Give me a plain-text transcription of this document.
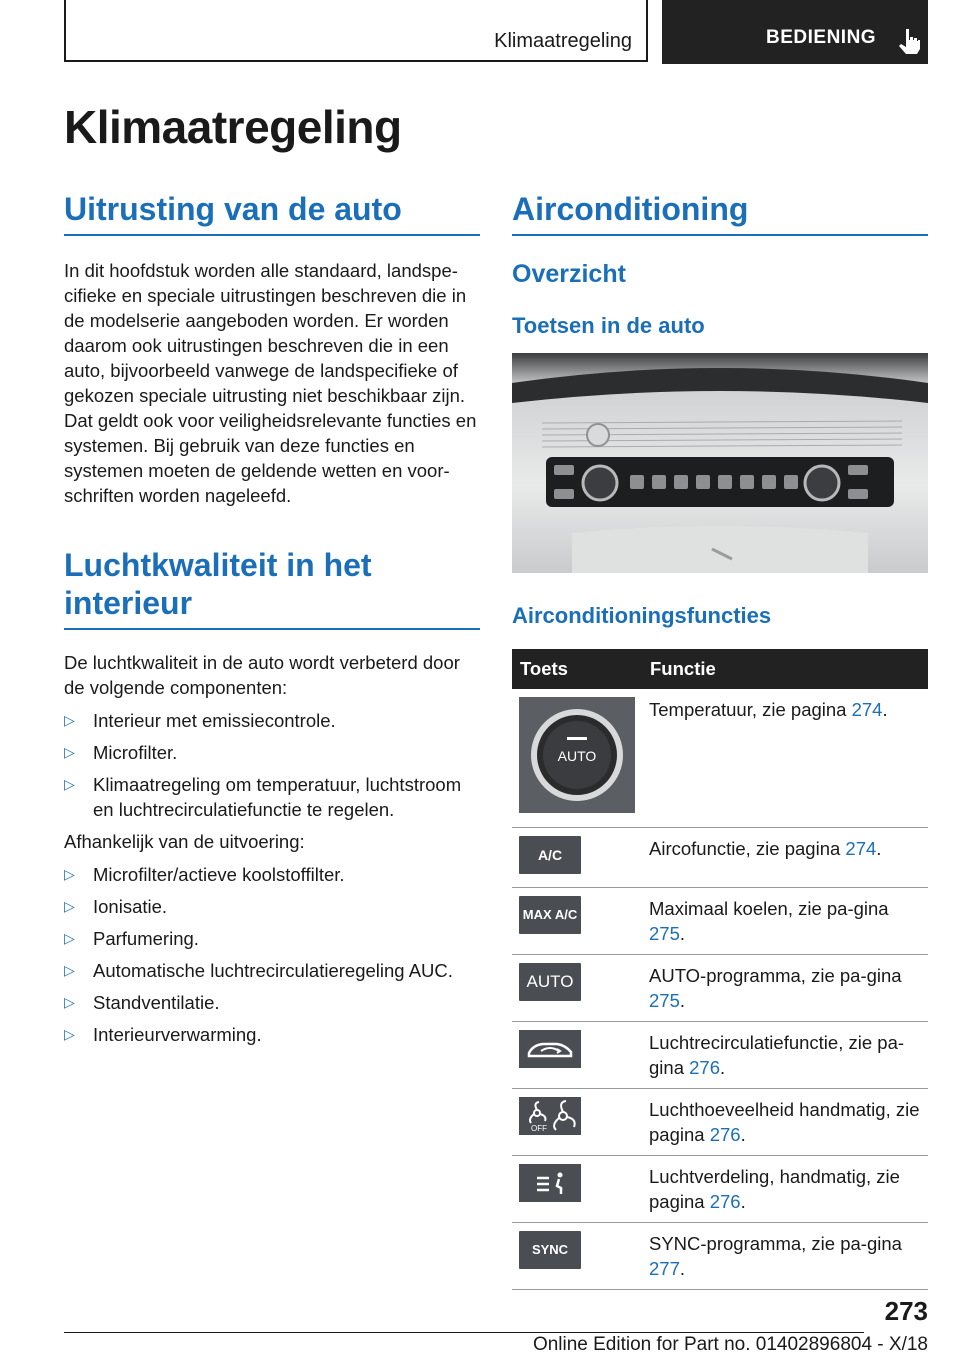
Klimaatregeling	BEDIENING
Klimaatregeling
Uitrusting van de auto

In dit hoofdstuk worden alle standaard, landspe-cifieke en speciale uitrustingen beschreven die in de modelserie aangeboden worden. Er worden daarom ook uitrustingen beschreven die in een auto, bijvoorbeeld vanwege de landspecifieke of gekozen speciale uitrusting niet beschikbaar zijn. Dat geldt ook voor veiligheidsrelevante functies en systemen. Bij gebruik van deze functies en systemen moeten de geldende wetten en voor-schriften worden nageleefd.

Luchtkwaliteit in het interieur

De luchtkwaliteit in de auto wordt verbeterd door de volgende componenten:

▷ Interieur met emissiecontrole.
▷ Microfilter.
▷ Klimaatregeling om temperatuur, luchtstroom en luchtrecirculatiefunctie te regelen.

Afhankelijk van de uitvoering:

▷ Microfilter/actieve koolstoffilter.
▷ Ionisatie.
▷ Parfumering.
▷ Automatische luchtrecirculatieregeling AUC.
▷ Standventilatie.
▷ Interieurverwarming.
Airconditioning
Overzicht
Toetsen in de auto
Airconditioningsfuncties
Toets	Functie

AUTO	Temperatuur, zie pagina 274.

A/C	Aircofunctie, zie pagina 274.

MAX A/C	Maximaal koelen, zie pa-gina 275.

AUTO	AUTO-programma, zie pa-gina 275.
	Luchtrecirculatiefunctie, zie pa-gina 276.

OFF	Luchthoeveelheid handmatig, zie pagina 276.
	Luchtverdeling, handmatig, zie pagina 276.

SYNC	SYNC-programma, zie pa-gina 277.
273
Online Edition for Part no. 01402896804 - X/18
